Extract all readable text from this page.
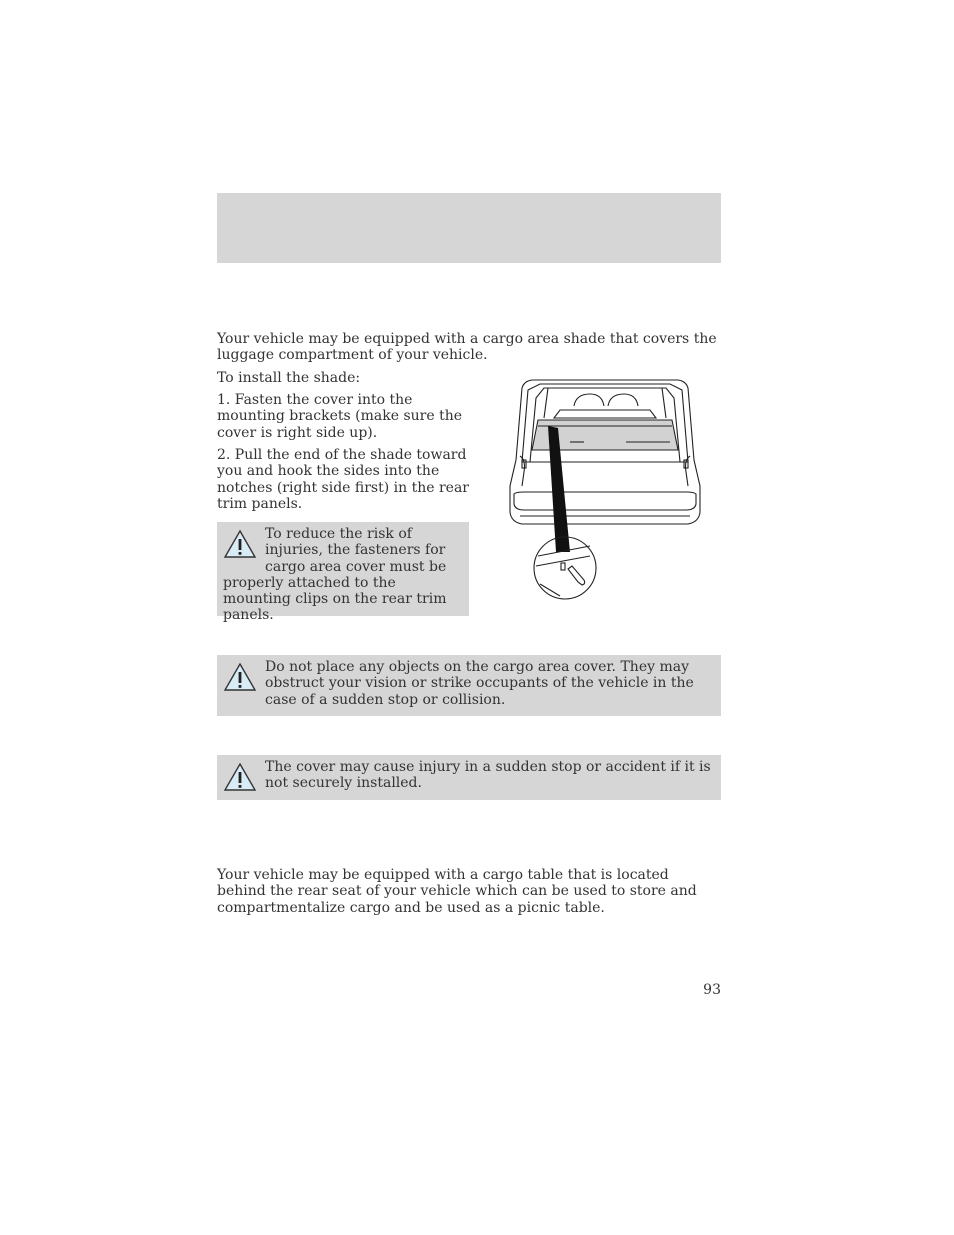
Your vehicle may be equipped with a cargo area shade that covers the luggage compartment of your vehicle.

To install the shade:

1. Fasten the cover into the mounting brackets (make sure the cover is right side up).

2. Pull the end of the shade toward you and hook the sides into the notches (right side first) in the rear trim panels.

To reduce the risk of injuries, the fasteners for cargo area cover must be properly attached to the mounting clips on the rear trim panels.

Do not place any objects on the cargo area cover. They may obstruct your vision or strike occupants of the vehicle in the case of a sudden stop or collision.

The cover may cause injury in a sudden stop or accident if it is not securely installed.

Your vehicle may be equipped with a cargo table that is located behind the rear seat of your vehicle which can be used to store and compartmentalize cargo and be used as a picnic table.

93
